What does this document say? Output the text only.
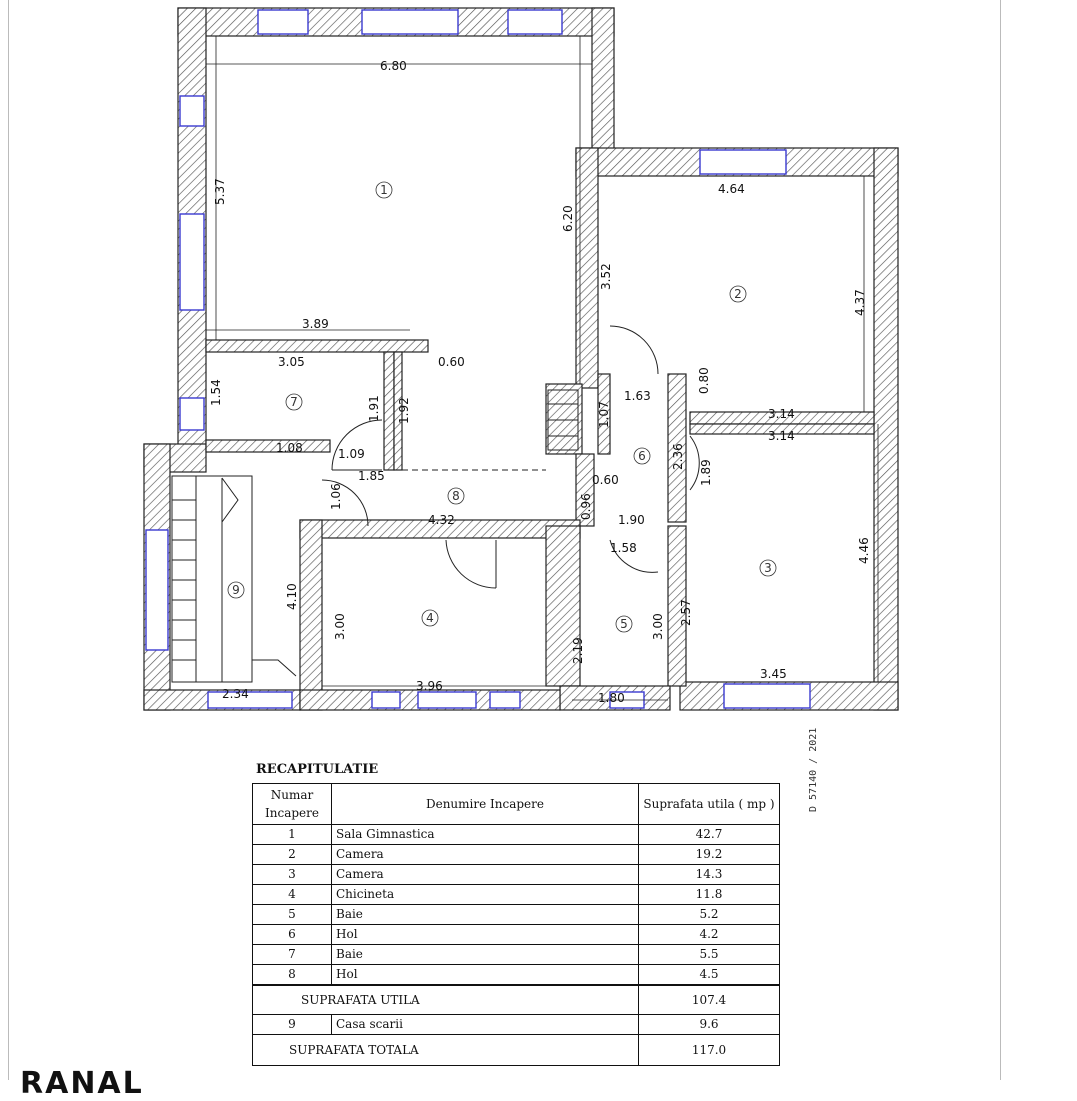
6.80
5.37
6.20
4.64
3.52
4.37
3.89
3.05	0.60
1.54
1.91 1.92
1.63
0.80
3.14
3.14
1.07
2.36
1.08	1.09
1.85	0.60	1.89
1.06
4.32	0.96 1.90
1.58	4.46
4.10
3.00	3.00
2.57
2.19
2.34
3.96
1.80
3.45
1
2
3
4	5
6
7
8
9
D 57140 / 2021
RECAPITULATIE
Numar Incapere	Denumire Incapere	Suprafata utila ( mp )
1	Sala Gimnastica	42.7
2	Camera	19.2
3	Camera	14.3
4	Chicineta	11.8
5	Baie	5.2
6	Hol	4.2
7	Baie	5.5
8	Hol	4.5
SUPRAFATA UTILA		107.4
9	Casa scarii	9.6
SUPRAFATA TOTALA		117.0
RANAL
